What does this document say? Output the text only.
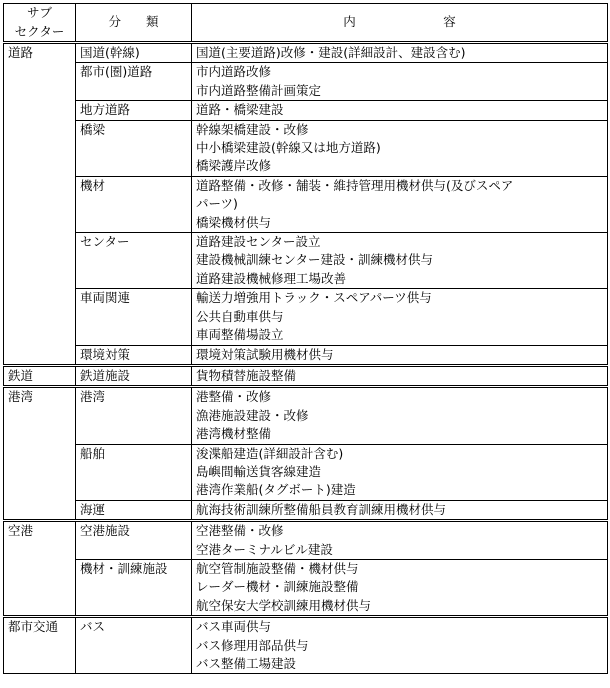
サブ
セクター	分　　類	内　　　　　　　容
道路	国道(幹線)	国道(主要道路)改修・建設(詳細設計、建設含む)

	都市(圏)道路	市内道路改修
市内道路整備計画策定

	地方道路	道路・橋梁建設

	橋梁	幹線架橋建設・改修
中小橋梁建設(幹線又は地方道路)
橋梁護岸改修

	機材	道路整備・改修・舗装・維持管理用機材供与(及びスペア
パーツ)
橋梁機材供与

	センター	道路建設センター設立
建設機械訓練センター建設・訓練機材供与
道路建設機械修理工場改善

	車両関連	輸送力増強用トラック・スペアパーツ供与
公共自動車供与
車両整備場設立

	環境対策	環境対策試験用機材供与

鉄道	鉄道施設	貨物積替施設整備

港湾	港湾	港整備・改修
漁港施設建設・改修
港湾機材整備

	船舶	浚渫船建造(詳細設計含む)
島嶼間輸送貨客線建造
港湾作業船(タグボート)建造

	海運	航海技術訓練所整備船員教育訓練用機材供与

空港	空港施設	空港整備・改修
空港ターミナルビル建設

	機材・訓練施設	航空管制施設整備・機材供与
レーダー機材・訓練施設整備
航空保安大学校訓練用機材供与

都市交通	バス	バス車両供与
バス修理用部品供与
バス整備工場建設
